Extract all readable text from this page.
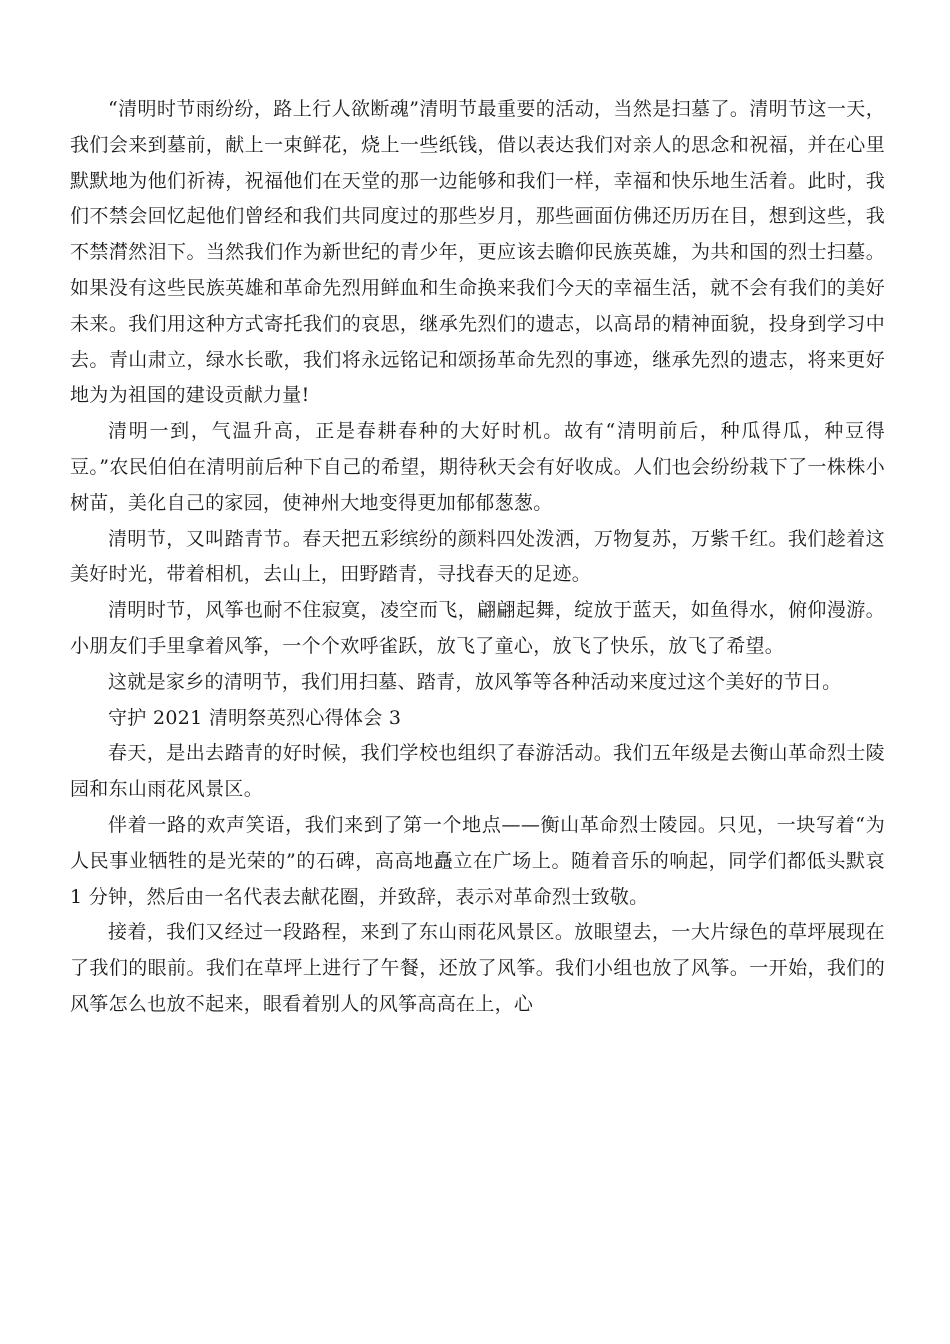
“清明时节雨纷纷，路上行人欲断魂”清明节最重要的活动，当然是扫墓了。清明节这一天，我们会来到墓前，献上一束鲜花，烧上一些纸钱，借以表达我们对亲人的思念和祝福，并在心里默默地为他们祈祷，祝福他们在天堂的那一边能够和我们一样，幸福和快乐地生活着。此时，我们不禁会回忆起他们曾经和我们共同度过的那些岁月，那些画面仿佛还历历在目，想到这些，我不禁潸然泪下。当然我们作为新世纪的青少年，更应该去瞻仰民族英雄，为共和国的烈士扫墓。如果没有这些民族英雄和革命先烈用鲜血和生命换来我们今天的幸福生活，就不会有我们的美好未来。我们用这种方式寄托我们的哀思，继承先烈们的遗志，以高昂的精神面貌，投身到学习中去。青山肃立，绿水长歌，我们将永远铭记和颂扬革命先烈的事迹，继承先烈的遗志，将来更好地为为祖国的建设贡献力量!

清明一到，气温升高，正是春耕春种的大好时机。故有“清明前后，种瓜得瓜，种豆得豆。”农民伯伯在清明前后种下自己的希望，期待秋天会有好收成。人们也会纷纷栽下了一株株小树苗，美化自己的家园，使神州大地变得更加郁郁葱葱。

清明节，又叫踏青节。春天把五彩缤纷的颜料四处泼洒，万物复苏，万紫千红。我们趁着这美好时光，带着相机，去山上，田野踏青，寻找春天的足迹。

清明时节，风筝也耐不住寂寞，凌空而飞，翩翩起舞，绽放于蓝天，如鱼得水，俯仰漫游。小朋友们手里拿着风筝，一个个欢呼雀跃，放飞了童心，放飞了快乐，放飞了希望。

这就是家乡的清明节，我们用扫墓、踏青，放风筝等各种活动来度过这个美好的节日。

守护 2021 清明祭英烈心得体会 3

春天，是出去踏青的好时候，我们学校也组织了春游活动。我们五年级是去衡山革命烈士陵园和东山雨花风景区。

伴着一路的欢声笑语，我们来到了第一个地点——衡山革命烈士陵园。只见，一块写着“为人民事业牺牲的是光荣的”的石碑，高高地矗立在广场上。随着音乐的响起，同学们都低头默哀 1 分钟，然后由一名代表去献花圈，并致辞，表示对革命烈士致敬。

接着，我们又经过一段路程，来到了东山雨花风景区。放眼望去，一大片绿色的草坪展现在了我们的眼前。我们在草坪上进行了午餐，还放了风筝。我们小组也放了风筝。一开始，我们的风筝怎么也放不起来，眼看着别人的风筝高高在上，心
